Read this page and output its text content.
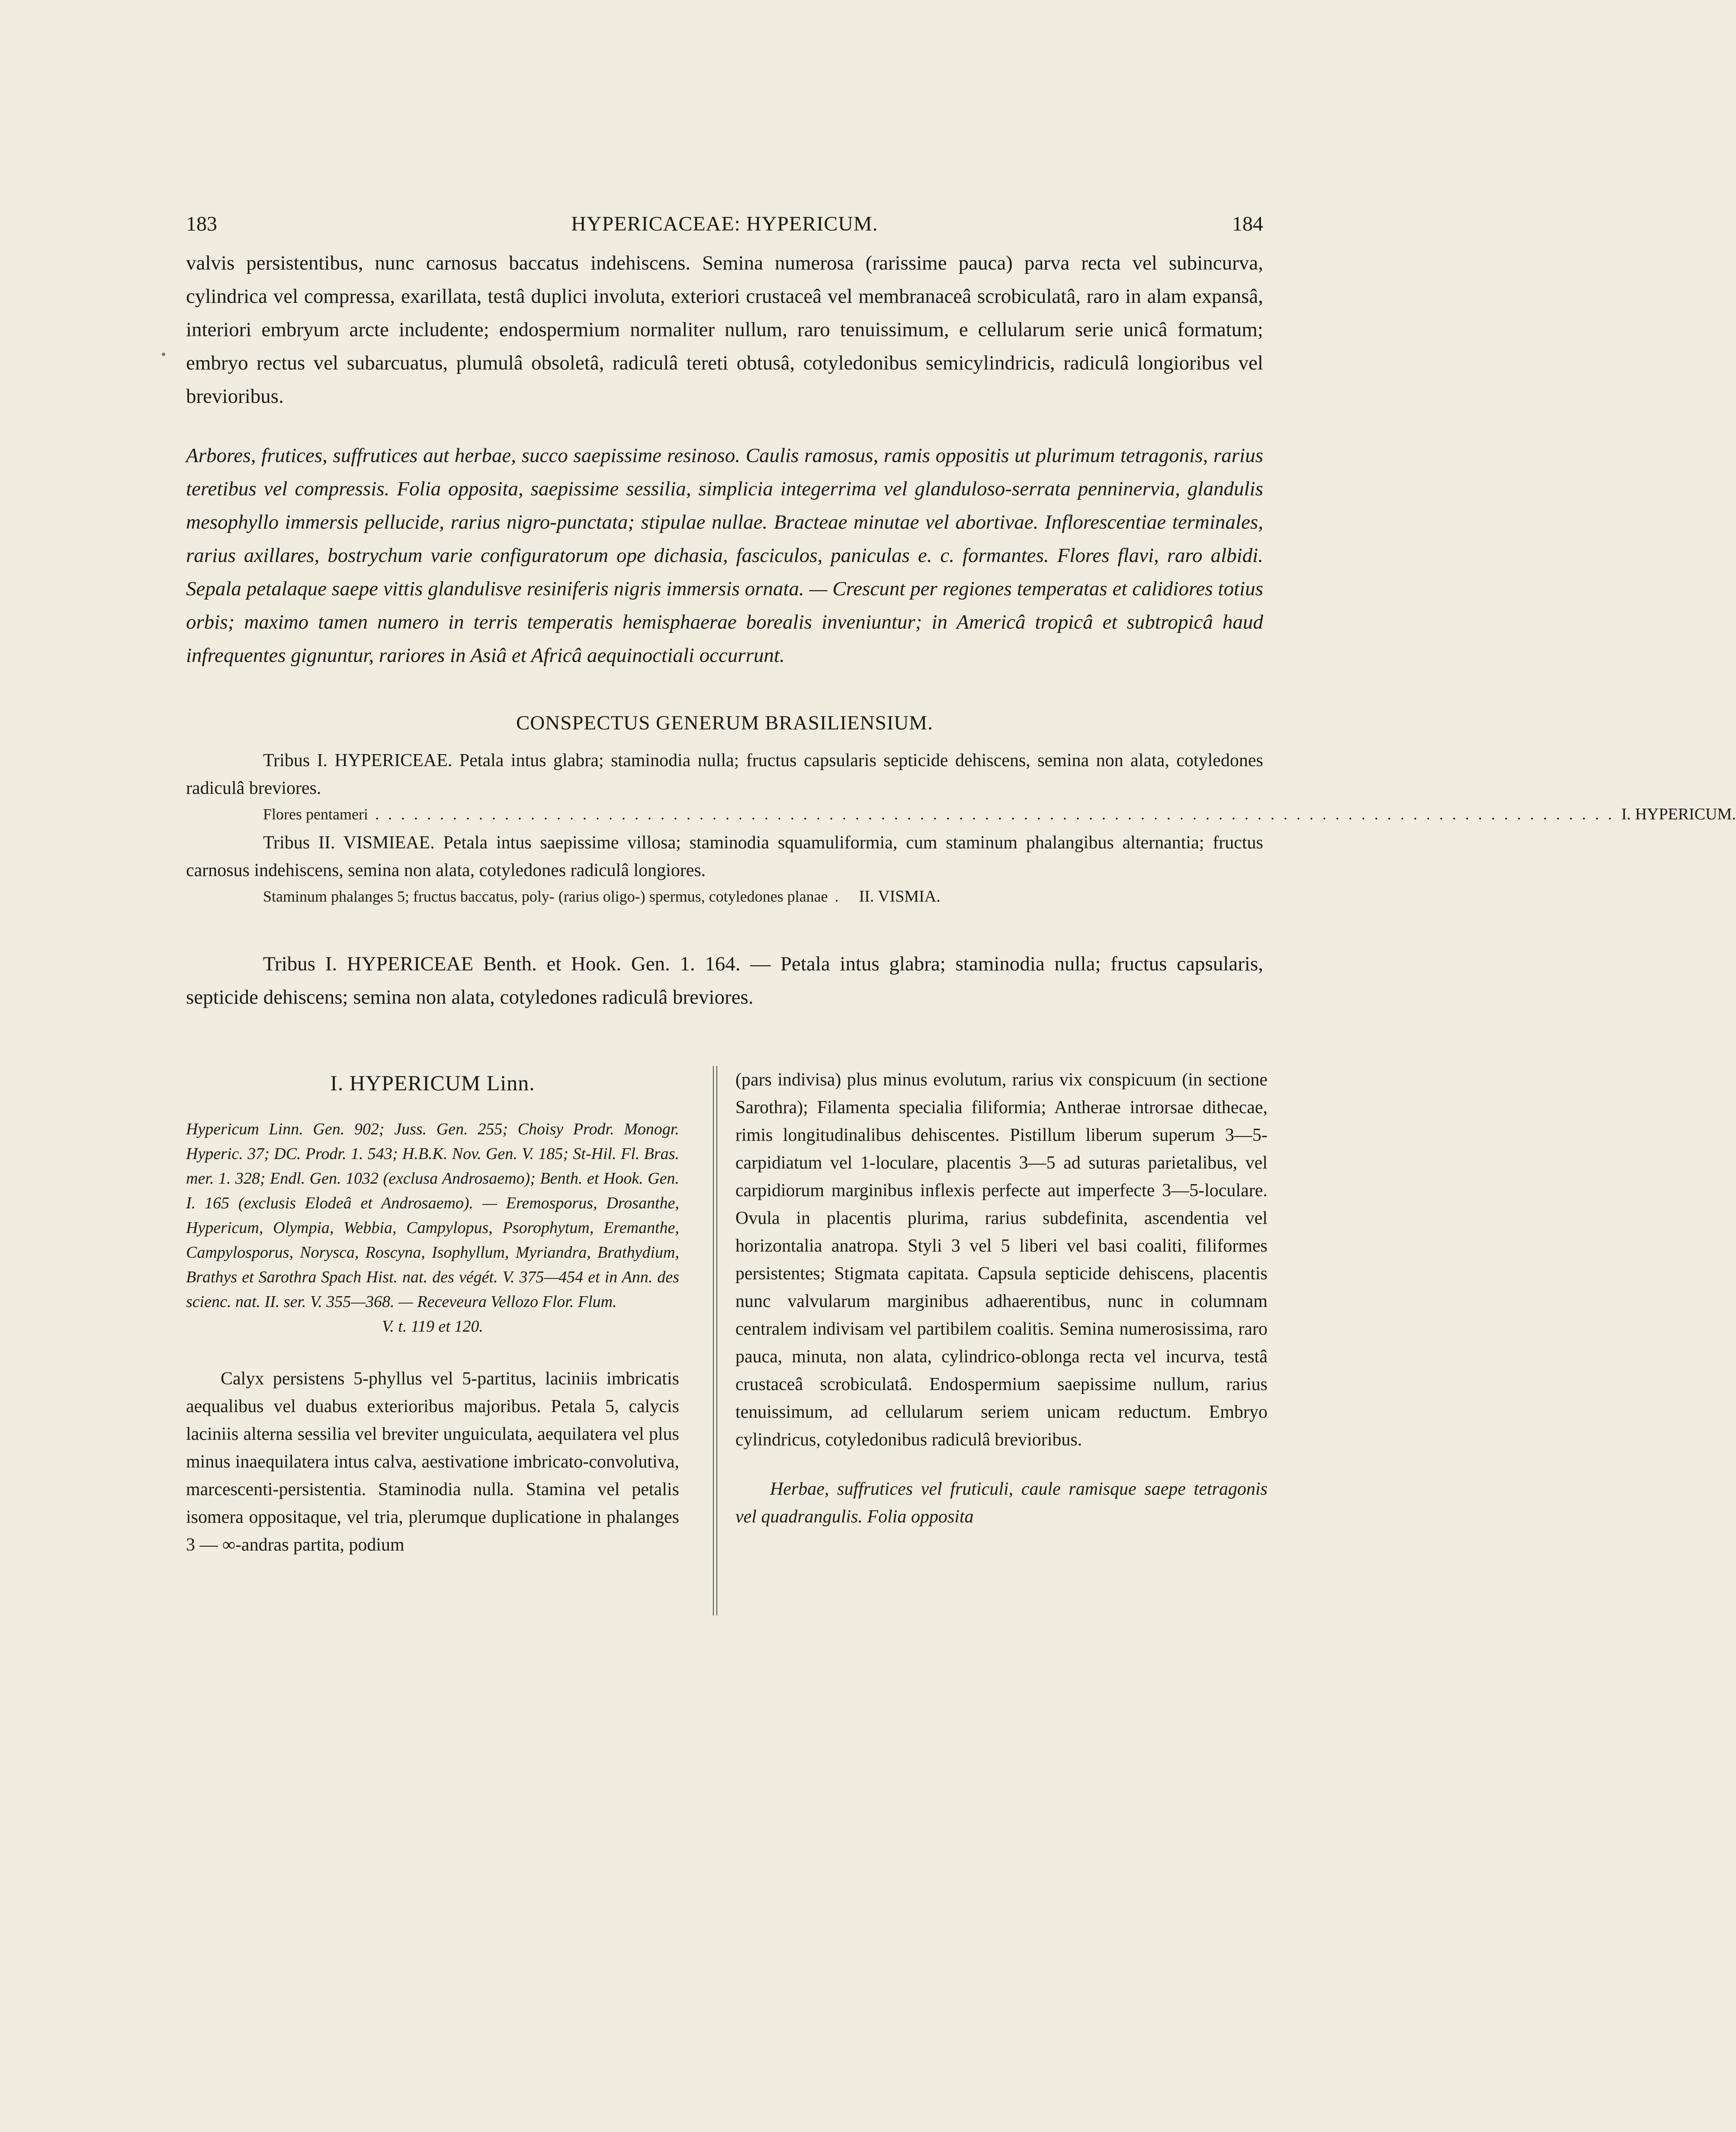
183	HYPERICACEAE: HYPERICUM.	184

valvis persistentibus, nunc carnosus baccatus indehiscens. Semina numerosa (rarissime pauca) parva recta vel subincurva, cylindrica vel compressa, exarillata, testâ duplici involuta, exteriori crustaceâ vel membranaceâ scrobiculatâ, raro in alam expansâ, interiori embryum arcte includente; endospermium normaliter nullum, raro tenuissimum, e cellularum serie unicâ formatum; embryo rectus vel subarcuatus, plumulâ obsoletâ, radiculâ tereti obtusâ, cotyledonibus semicylindricis, radiculâ longioribus vel brevioribus.

Arbores, frutices, suffrutices aut herbae, succo saepissime resinoso. Caulis ramosus, ramis oppositis ut plurimum tetragonis, rarius teretibus vel compressis. Folia opposita, saepissime sessilia, simplicia integerrima vel glanduloso-serrata penninervia, glandulis mesophyllo immersis pellucide, rarius nigro-punctata; stipulae nullae. Bracteae minutae vel abortivae. Inflorescentiae terminales, rarius axillares, bostrychum varie configuratorum ope dichasia, fasciculos, paniculas e. c. formantes. Flores flavi, raro albidi. Sepala petalaque saepe vittis glandulisve resiniferis nigris immersis ornata. — Crescunt per regiones temperatas et calidiores totius orbis; maximo tamen numero in terris temperatis hemisphaerae borealis inveniuntur; in Americâ tropicâ et subtropicâ haud infrequentes gignuntur, rariores in Asiâ et Africâ aequinoctiali occurrunt.

CONSPECTUS GENERUM BRASILIENSIUM.

Tribus I. HYPERICEAE. Petala intus glabra; staminodia nulla; fructus capsularis septicide dehiscens, semina non alata, cotyledones radiculâ breviores.

Flores pentameri . . . . . . . . . . . . . . . . . . . . . . . . . . . . . . . . . . . . . . . . . . . . . . . . . . . . . . . . . . . . . . . . . . . . . . . . . . . . . . . . . . . . . . . . . . . . . . . . I. HYPERICUM.

Tribus II. VISMIEAE. Petala intus saepissime villosa; staminodia squamuliformia, cum staminum phalangibus alternantia; fructus carnosus indehiscens, semina non alata, cotyledones radiculâ longiores.

Staminum phalanges 5; fructus baccatus, poly- (rarius oligo-) spermus, cotyledones planae .	II. VISMIA.

Tribus I. HYPERICEAE Benth. et Hook. Gen. 1. 164. — Petala intus glabra; staminodia nulla; fructus capsularis, septicide dehiscens; semina non alata, cotyledones radiculâ breviores.

I. HYPERICUM Linn.

Hypericum Linn. Gen. 902; Juss. Gen. 255; Choisy Prodr. Monogr. Hyperic. 37; DC. Prodr. 1. 543; H.B.K. Nov. Gen. V. 185; St-Hil. Fl. Bras. mer. 1. 328; Endl. Gen. 1032 (exclusa Androsaemo); Benth. et Hook. Gen. I. 165 (exclusis Elodeâ et Androsaemo). — Eremosporus, Drosanthe, Hypericum, Olympia, Webbia, Campylopus, Psorophytum, Eremanthe, Campylosporus, Norysca, Roscyna, Isophyllum, Myriandra, Brathydium, Brathys et Sarothra Spach Hist. nat. des végét. V. 375—454 et in Ann. des scienc. nat. II. ser. V. 355—368. — Receveura Vellozo Flor. Flum.

V. t. 119 et 120.

Calyx persistens 5-phyllus vel 5-partitus, laciniis imbricatis aequalibus vel duabus exterioribus majoribus. Petala 5, calycis laciniis alterna sessilia vel breviter unguiculata, aequilatera vel plus minus inaequilatera intus calva, aestivatione imbricato-convolutiva, marcescenti-persistentia. Staminodia nulla. Stamina vel petalis isomera oppositaque, vel tria, plerumque duplicatione in phalanges 3 — ∞-andras partita, podium

(pars indivisa) plus minus evolutum, rarius vix conspicuum (in sectione Sarothra); Filamenta specialia filiformia; Antherae introrsae dithecae, rimis longitudinalibus dehiscentes. Pistillum liberum superum 3—5-carpidiatum vel 1-loculare, placentis 3—5 ad suturas parietalibus, vel carpidiorum marginibus inflexis perfecte aut imperfecte 3—5-loculare. Ovula in placentis plurima, rarius subdefinita, ascendentia vel horizontalia anatropa. Styli 3 vel 5 liberi vel basi coaliti, filiformes persistentes; Stigmata capitata. Capsula septicide dehiscens, placentis nunc valvularum marginibus adhaerentibus, nunc in columnam centralem indivisam vel partibilem coalitis. Semina numerosissima, raro pauca, minuta, non alata, cylindrico-oblonga recta vel incurva, testâ crustaceâ scrobiculatâ. Endospermium saepissime nullum, rarius tenuissimum, ad cellularum seriem unicam reductum. Embryo cylindricus, cotyledonibus radiculâ brevioribus.

Herbae, suffrutices vel fruticuli, caule ramisque saepe tetragonis vel quadrangulis. Folia opposita
